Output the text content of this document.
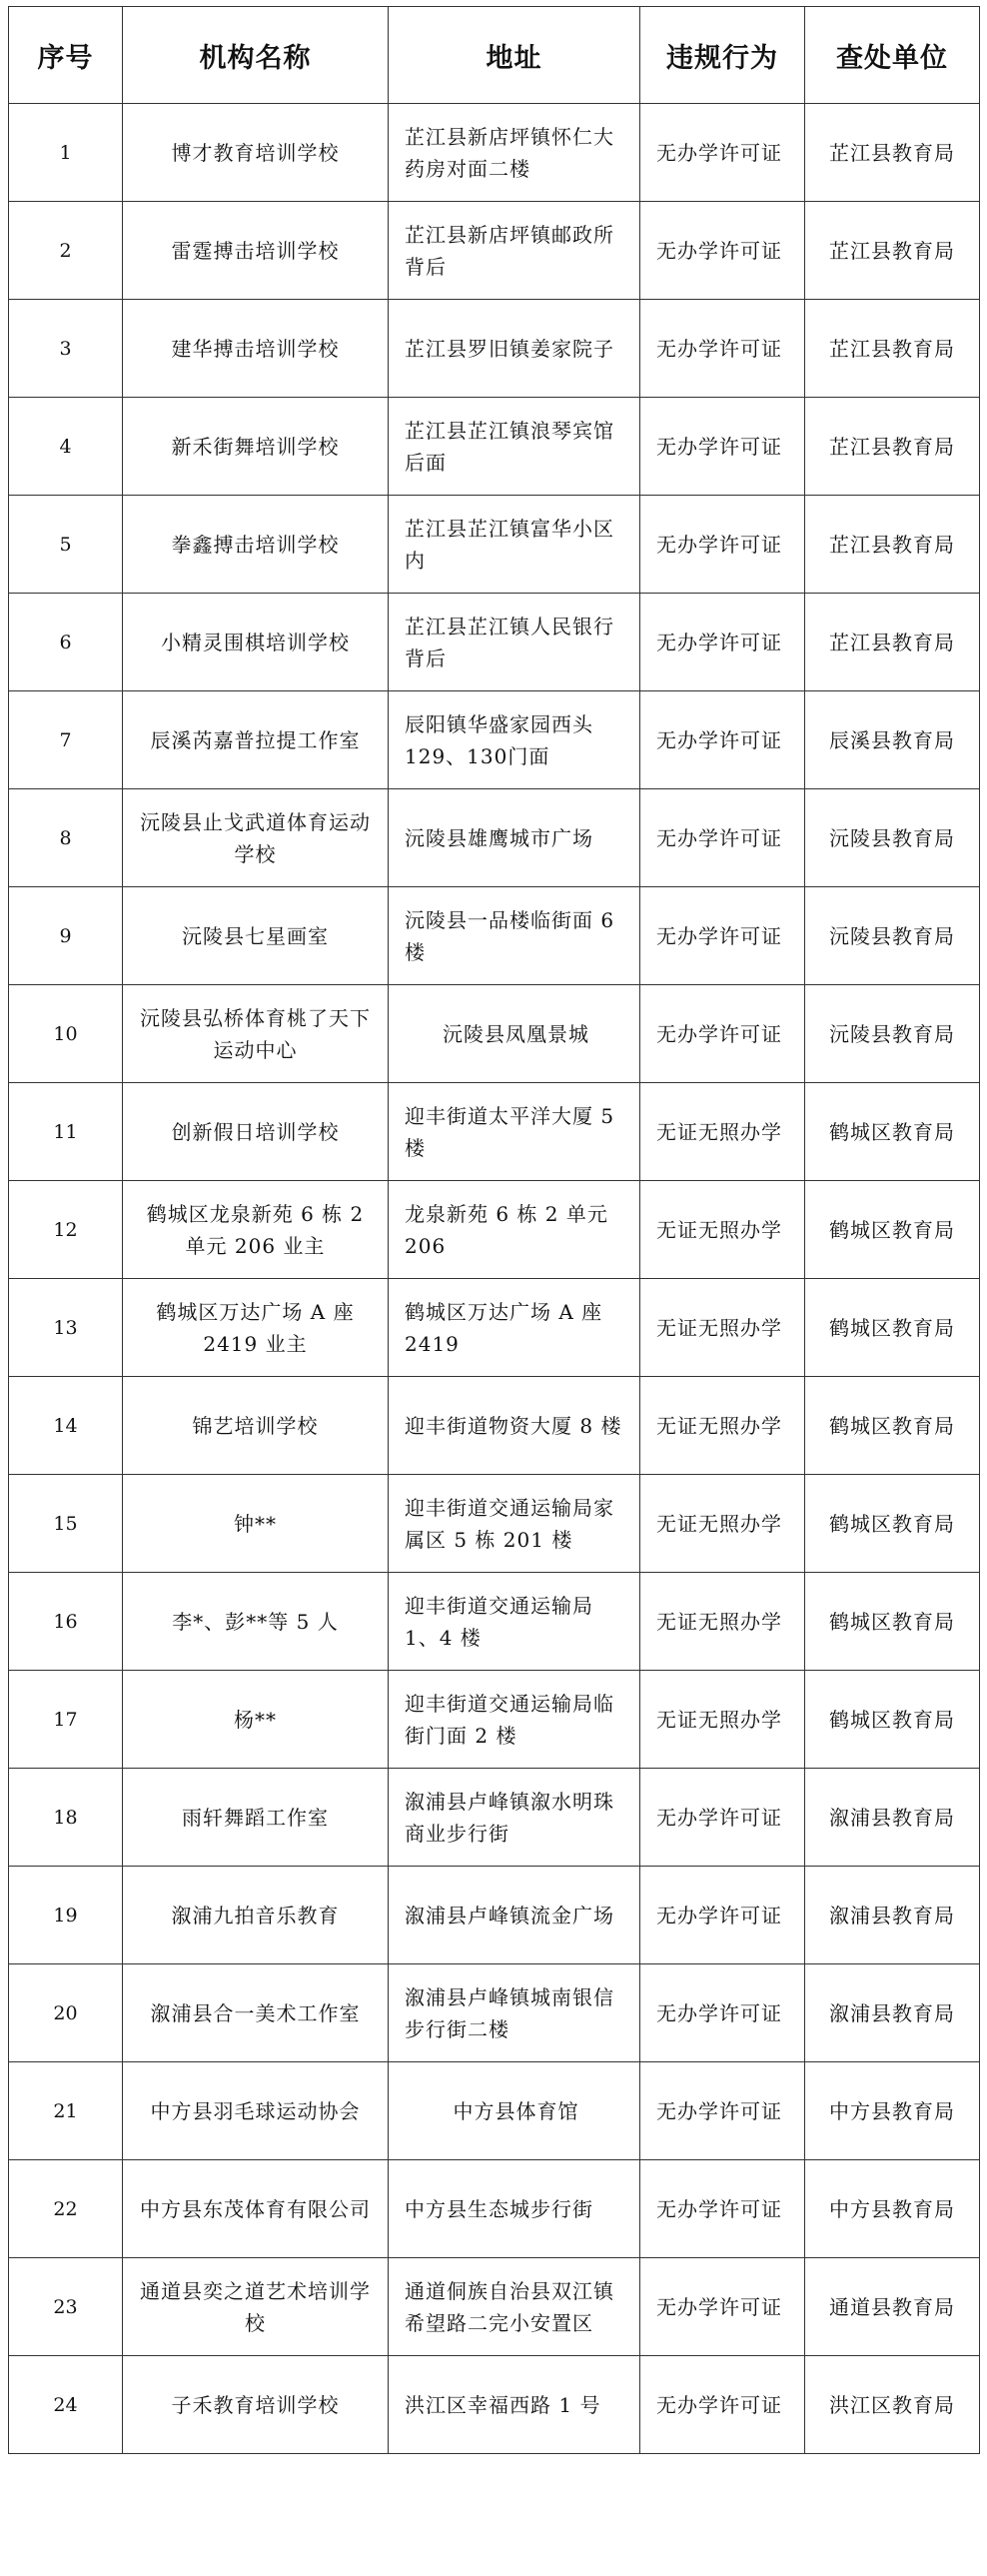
序号	机构名称	地址	违规行为	查处单位
1	博才教育培训学校	芷江县新店坪镇怀仁大药房对面二楼	无办学许可证	芷江县教育局
2	雷霆搏击培训学校	芷江县新店坪镇邮政所背后	无办学许可证	芷江县教育局
3	建华搏击培训学校	芷江县罗旧镇姜家院子	无办学许可证	芷江县教育局
4	新禾街舞培训学校	芷江县芷江镇浪琴宾馆后面	无办学许可证	芷江县教育局
5	拳鑫搏击培训学校	芷江县芷江镇富华小区内	无办学许可证	芷江县教育局
6	小精灵围棋培训学校	芷江县芷江镇人民银行背后	无办学许可证	芷江县教育局
7	辰溪芮嘉普拉提工作室	辰阳镇华盛家园西头 129、130门面	无办学许可证	辰溪县教育局
8	沅陵县止戈武道体育运动学校	沅陵县雄鹰城市广场	无办学许可证	沅陵县教育局
9	沅陵县七星画室	沅陵县一品楼临街面 6 楼	无办学许可证	沅陵县教育局
10	沅陵县弘桥体育桃了天下运动中心	沅陵县凤凰景城	无办学许可证	沅陵县教育局
11	创新假日培训学校	迎丰街道太平洋大厦 5 楼	无证无照办学	鹤城区教育局
12	鹤城区龙泉新苑 6 栋 2 单元 206 业主	龙泉新苑 6 栋 2 单元 206	无证无照办学	鹤城区教育局
13	鹤城区万达广场 A 座 2419 业主	鹤城区万达广场 A 座 2419	无证无照办学	鹤城区教育局
14	锦艺培训学校	迎丰街道物资大厦 8 楼	无证无照办学	鹤城区教育局
15	钟**	迎丰街道交通运输局家属区 5 栋 201 楼	无证无照办学	鹤城区教育局
16	李*、彭**等 5 人	迎丰街道交通运输局 1、4 楼	无证无照办学	鹤城区教育局
17	杨**	迎丰街道交通运输局临街门面 2 楼	无证无照办学	鹤城区教育局
18	雨轩舞蹈工作室	溆浦县卢峰镇溆水明珠商业步行街	无办学许可证	溆浦县教育局
19	溆浦九拍音乐教育	溆浦县卢峰镇流金广场	无办学许可证	溆浦县教育局
20	溆浦县合一美术工作室	溆浦县卢峰镇城南银信步行街二楼	无办学许可证	溆浦县教育局
21	中方县羽毛球运动协会	中方县体育馆	无办学许可证	中方县教育局
22	中方县东茂体育有限公司	中方县生态城步行街	无办学许可证	中方县教育局
23	通道县奕之道艺术培训学校	通道侗族自治县双江镇希望路二完小安置区	无办学许可证	通道县教育局
24	子禾教育培训学校	洪江区幸福西路 1 号	无办学许可证	洪江区教育局
